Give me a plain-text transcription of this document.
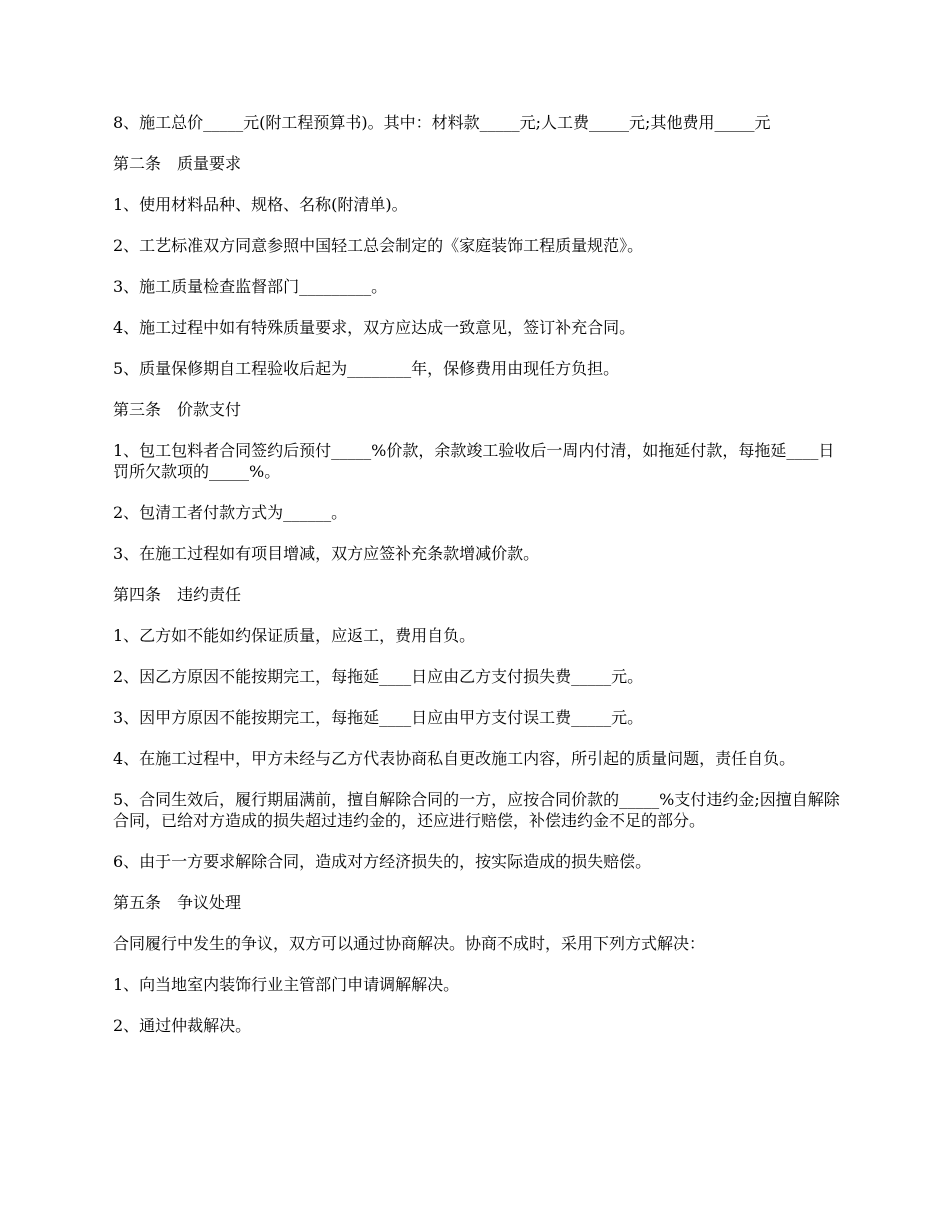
8、施工总价_____元(附工程预算书)。其中：材料款_____元;人工费_____元;其他费用_____元

第二条　质量要求

1、使用材料品种、规格、名称(附清单)。

2、工艺标准双方同意参照中国轻工总会制定的《家庭装饰工程质量规范》。

3、施工质量检查监督部门_________。

4、施工过程中如有特殊质量要求，双方应达成一致意见，签订补充合同。

5、质量保修期自工程验收后起为________年，保修费用由现任方负担。

第三条　价款支付

1、包工包料者合同签约后预付_____%价款，余款竣工验收后一周内付清，如拖延付款，每拖延____日罚所欠款项的_____%。

2、包清工者付款方式为______。

3、在施工过程如有项目增减，双方应签补充条款增减价款。

第四条　违约责任

1、乙方如不能如约保证质量，应返工，费用自负。

2、因乙方原因不能按期完工，每拖延____日应由乙方支付损失费_____元。

3、因甲方原因不能按期完工，每拖延____日应由甲方支付误工费_____元。

4、在施工过程中，甲方未经与乙方代表协商私自更改施工内容，所引起的质量问题，责任自负。

5、合同生效后，履行期届满前，擅自解除合同的一方，应按合同价款的_____%支付违约金;因擅自解除合同，已给对方造成的损失超过违约金的，还应进行赔偿，补偿违约金不足的部分。

6、由于一方要求解除合同，造成对方经济损失的，按实际造成的损失赔偿。

第五条　争议处理

合同履行中发生的争议，双方可以通过协商解决。协商不成时，采用下列方式解决：

1、向当地室内装饰行业主管部门申请调解解决。

2、通过仲裁解决。
